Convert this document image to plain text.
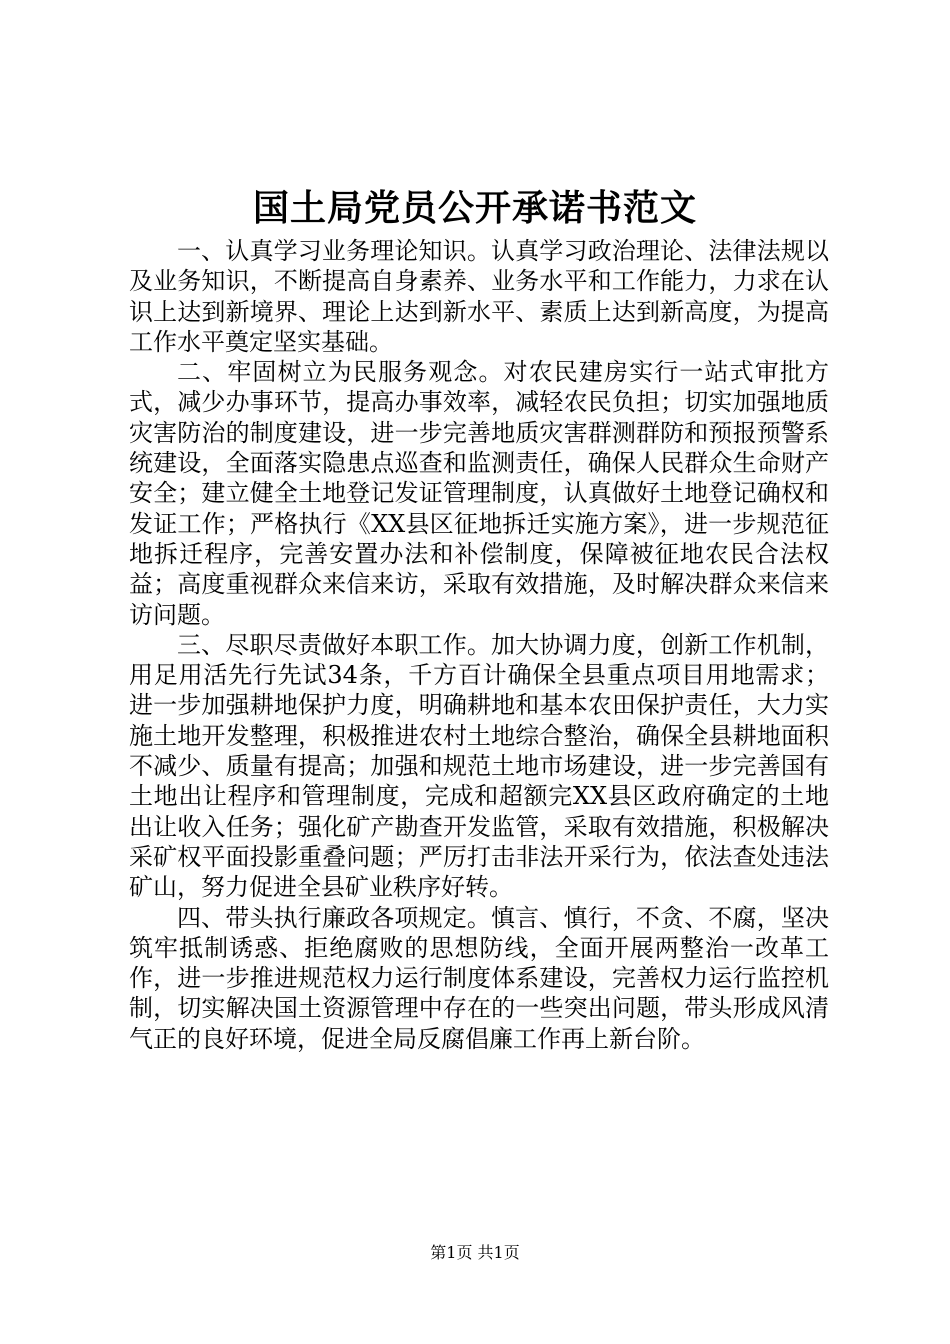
国土局党员公开承诺书范文

一、认真学习业务理论知识。认真学习政治理论、法律法规以及业务知识，不断提高自身素养、业务水平和工作能力，力求在认识上达到新境界、理论上达到新水平、素质上达到新高度，为提高工作水平奠定坚实基础。

二、牢固树立为民服务观念。对农民建房实行一站式审批方式，减少办事环节，提高办事效率，减轻农民负担；切实加强地质灾害防治的制度建设，进一步完善地质灾害群测群防和预报预警系统建设，全面落实隐患点巡查和监测责任，确保人民群众生命财产安全；建立健全土地登记发证管理制度，认真做好土地登记确权和发证工作；严格执行《XX县区征地拆迁实施方案》，进一步规范征地拆迁程序，完善安置办法和补偿制度，保障被征地农民合法权益；高度重视群众来信来访，采取有效措施，及时解决群众来信来访问题。

三、尽职尽责做好本职工作。加大协调力度，创新工作机制，用足用活先行先试34条，千方百计确保全县重点项目用地需求；进一步加强耕地保护力度，明确耕地和基本农田保护责任，大力实施土地开发整理，积极推进农村土地综合整治，确保全县耕地面积不减少、质量有提高；加强和规范土地市场建设，进一步完善国有土地出让程序和管理制度，完成和超额完XX县区政府确定的土地出让收入任务；强化矿产勘查开发监管，采取有效措施，积极解决采矿权平面投影重叠问题；严厉打击非法开采行为，依法查处违法矿山，努力促进全县矿业秩序好转。

四、带头执行廉政各项规定。慎言、慎行，不贪、不腐，坚决筑牢抵制诱惑、拒绝腐败的思想防线，全面开展两整治一改革工作，进一步推进规范权力运行制度体系建设，完善权力运行监控机制，切实解决国土资源管理中存在的一些突出问题，带头形成风清气正的良好环境，促进全局反腐倡廉工作再上新台阶。

第1页 共1页
